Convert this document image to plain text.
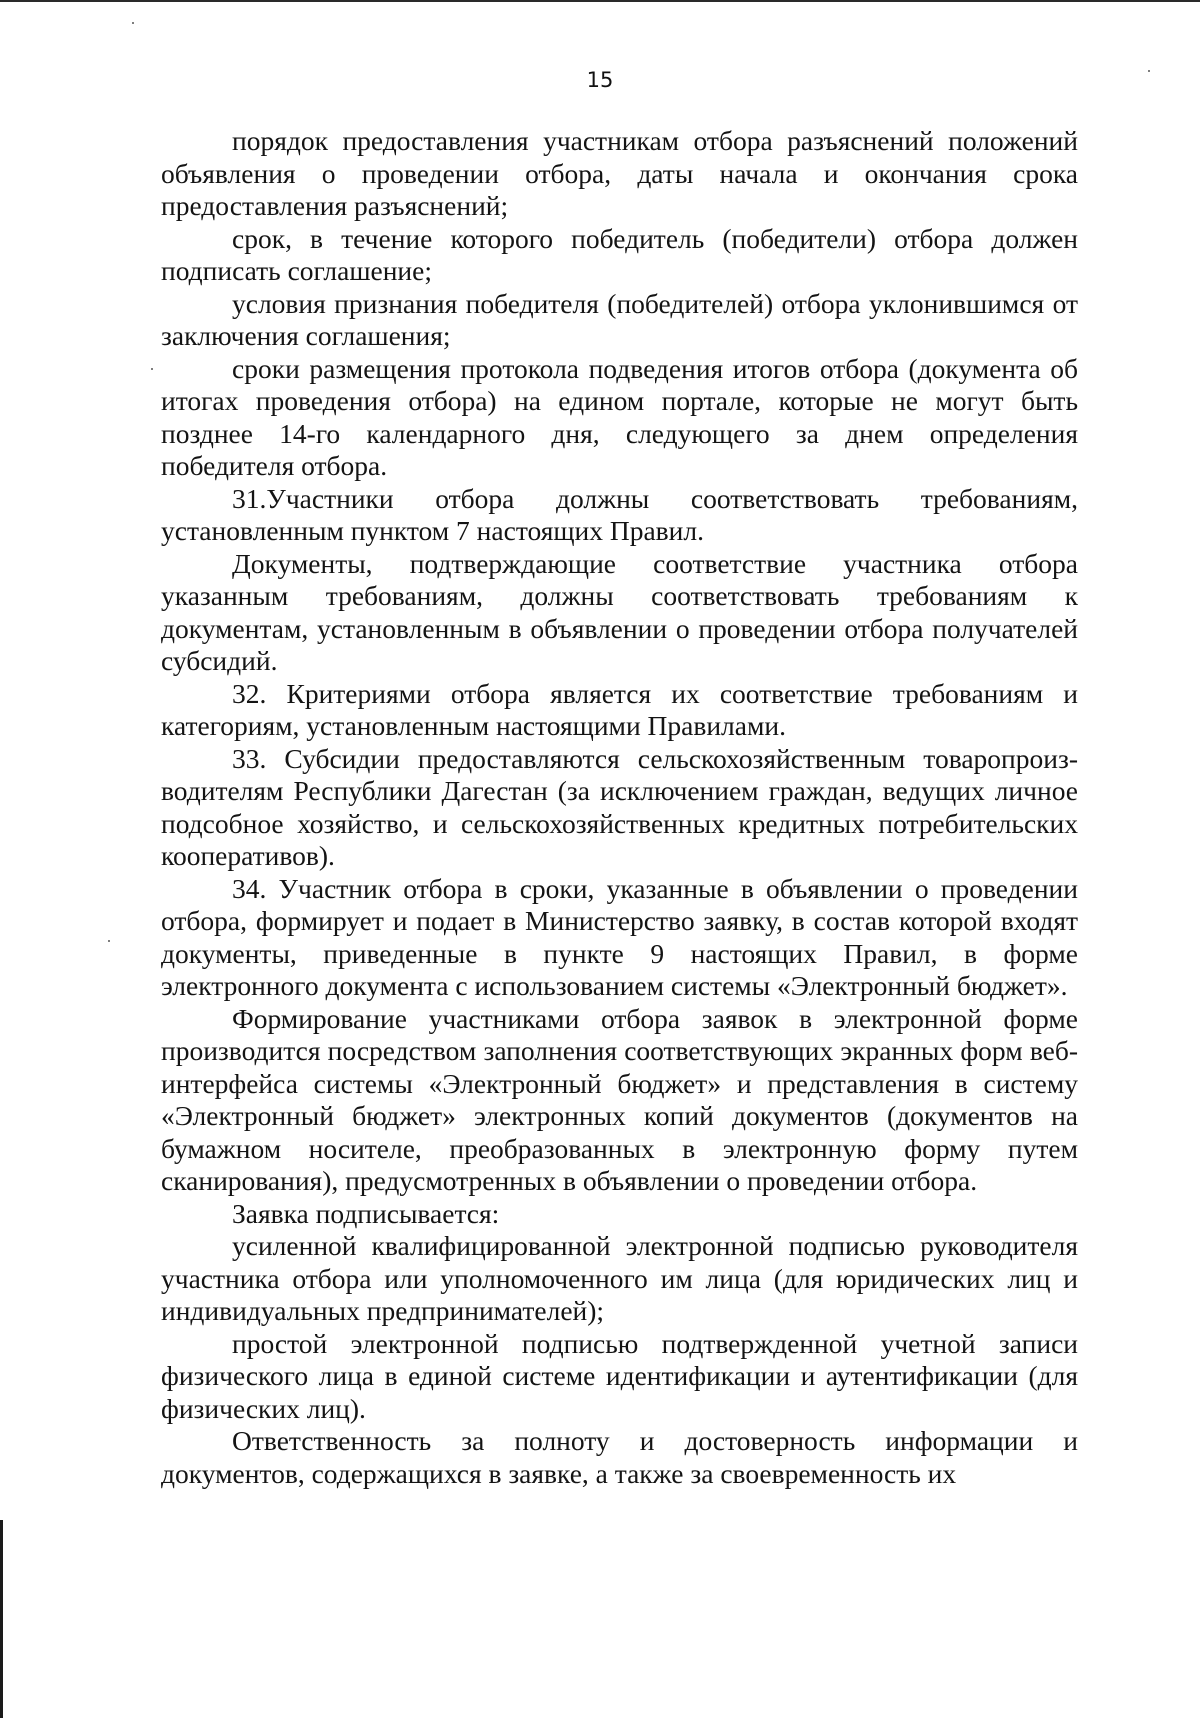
15

порядок предоставления участникам отбора разъяснений положений объявления о проведении отбора, даты начала и окончания срока предоставления разъяснений;

срок, в течение которого победитель (победители) отбора должен подписать соглашение;

условия признания победителя (победителей) отбора уклонившимся от заключения соглашения;

сроки размещения протокола подведения итогов отбора (документа об итогах проведения отбора) на едином портале, которые не могут быть позднее 14-го календарного дня, следующего за днем определения победителя отбора.

31.Участники отбора должны соответствовать требованиям, установленным пунктом 7 настоящих Правил.

Документы, подтверждающие соответствие участника отбора указанным требованиям, должны соответствовать требованиям к документам, установленным в объявлении о проведении отбора получателей субсидий.

32. Критериями отбора является их соответствие требованиям и категориям, установленным настоящими Правилами.

33. Субсидии предоставляются сельскохозяйственным товаропроиз-водителям Республики Дагестан (за исключением граждан, ведущих личное подсобное хозяйство, и сельскохозяйственных кредитных потребительских кооперативов).

34. Участник отбора в сроки, указанные в объявлении о проведении отбора, формирует и подает в Министерство заявку, в состав которой входят документы, приведенные в пункте 9 настоящих Правил, в форме электронного документа с использованием системы «Электронный бюджет».

Формирование участниками отбора заявок в электронной форме производится посредством заполнения соответствующих экранных форм веб-интерфейса системы «Электронный бюджет» и представления в систему «Электронный бюджет» электронных копий документов (документов на бумажном носителе, преобразованных в электронную форму путем сканирования), предусмотренных в объявлении о проведении отбора.

Заявка подписывается:

усиленной квалифицированной электронной подписью руководителя участника отбора или уполномоченного им лица (для юридических лиц и индивидуальных предпринимателей);

простой электронной подписью подтвержденной учетной записи физического лица в единой системе идентификации и аутентификации (для физических лиц).

Ответственность за полноту и достоверность информации и документов, содержащихся в заявке, а также за своевременность их
